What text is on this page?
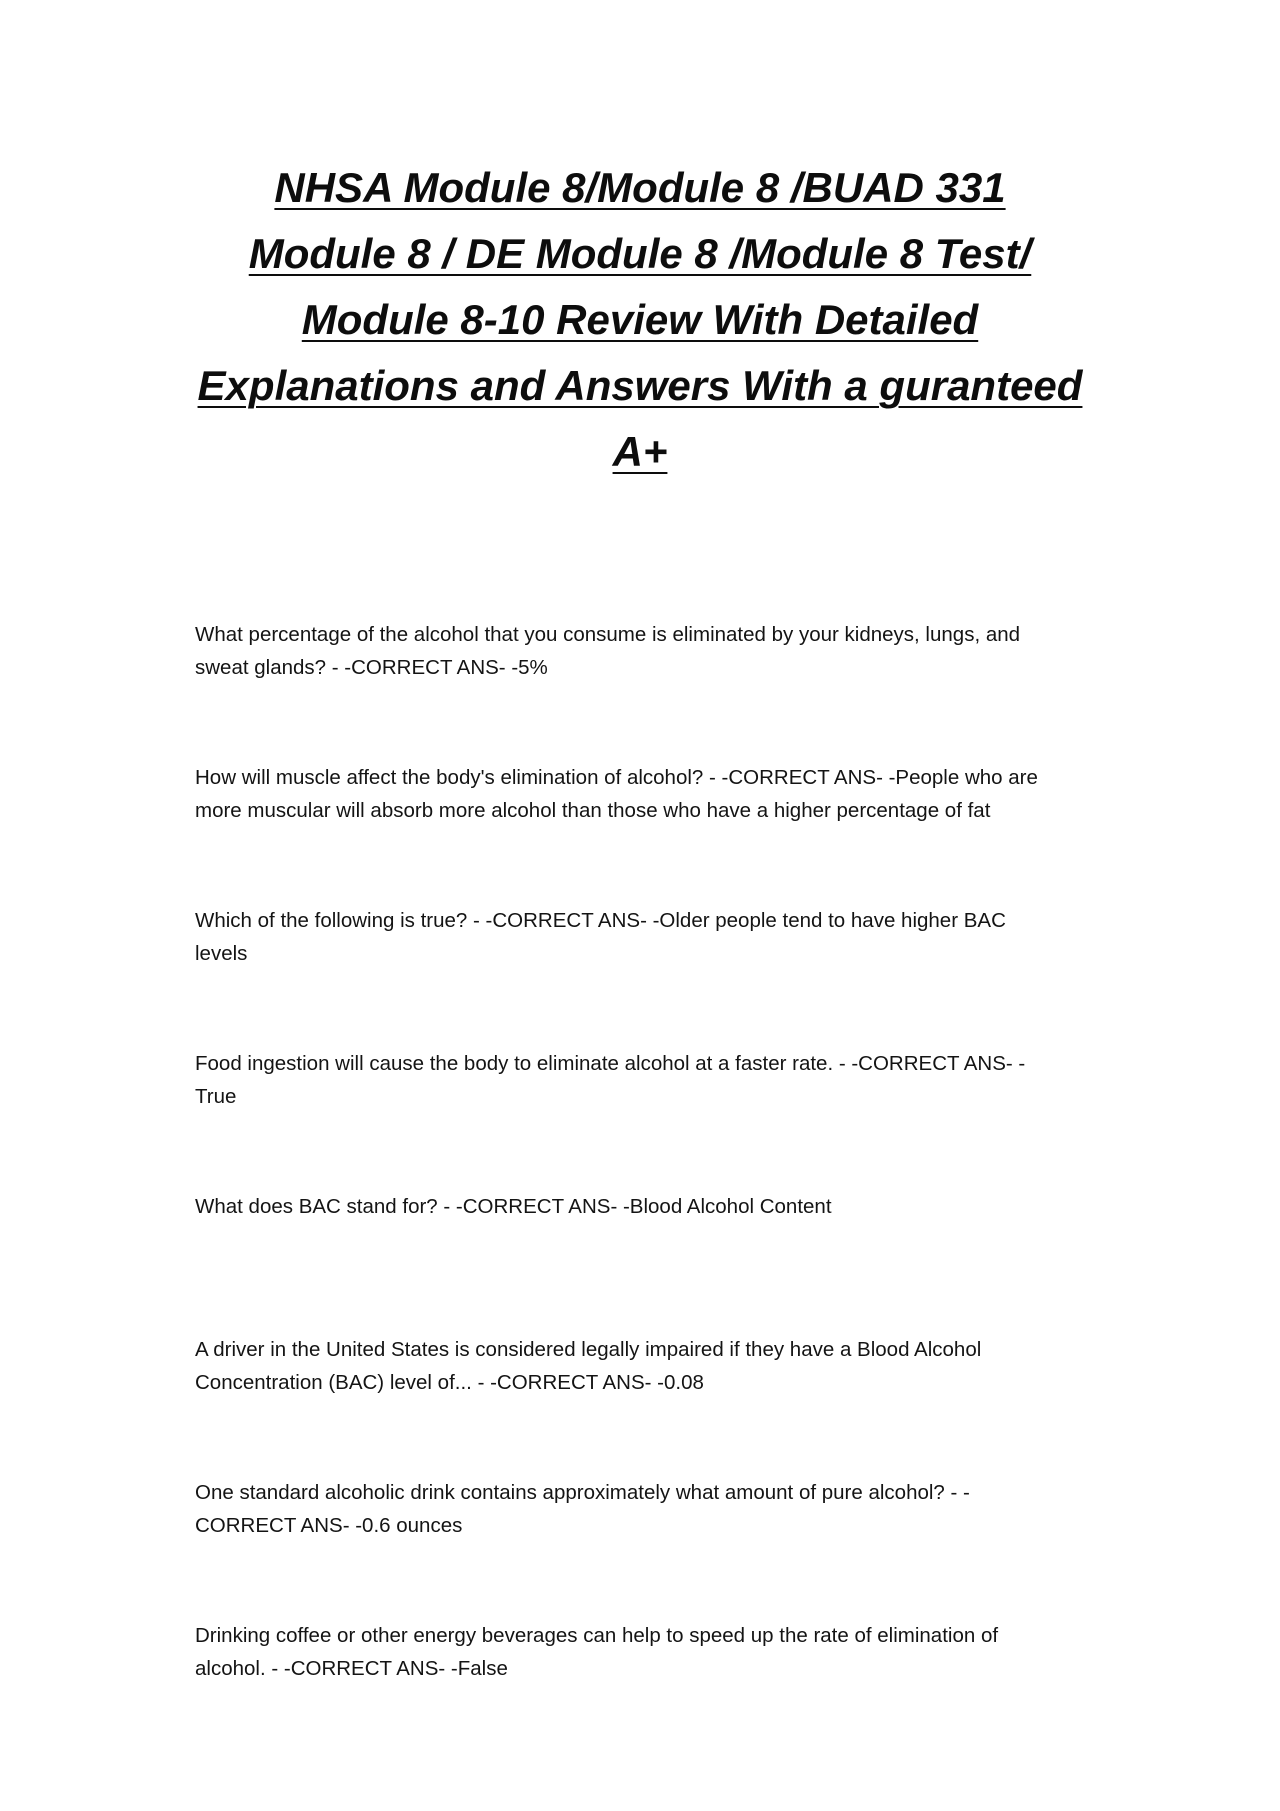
NHSA Module 8/Module 8 /BUAD 331
Module 8 / DE Module 8 /Module 8 Test/
Module 8-10 Review With Detailed
Explanations and Answers With a guranteed
A+
What percentage of the alcohol that you consume is eliminated by your kidneys, lungs, and
sweat glands? - -CORRECT ANS- -5%
How will muscle affect the body's elimination of alcohol? - -CORRECT ANS- -People who are
more muscular will absorb more alcohol than those who have a higher percentage of fat
Which of the following is true? - -CORRECT ANS- -Older people tend to have higher BAC
levels
Food ingestion will cause the body to eliminate alcohol at a faster rate. - -CORRECT ANS- -
True
What does BAC stand for? - -CORRECT ANS- -Blood Alcohol Content
A driver in the United States is considered legally impaired if they have a Blood Alcohol
Concentration (BAC) level of... - -CORRECT ANS- -0.08
One standard alcoholic drink contains approximately what amount of pure alcohol? - -
CORRECT ANS- -0.6 ounces
Drinking coffee or other energy beverages can help to speed up the rate of elimination of
alcohol. - -CORRECT ANS- -False
